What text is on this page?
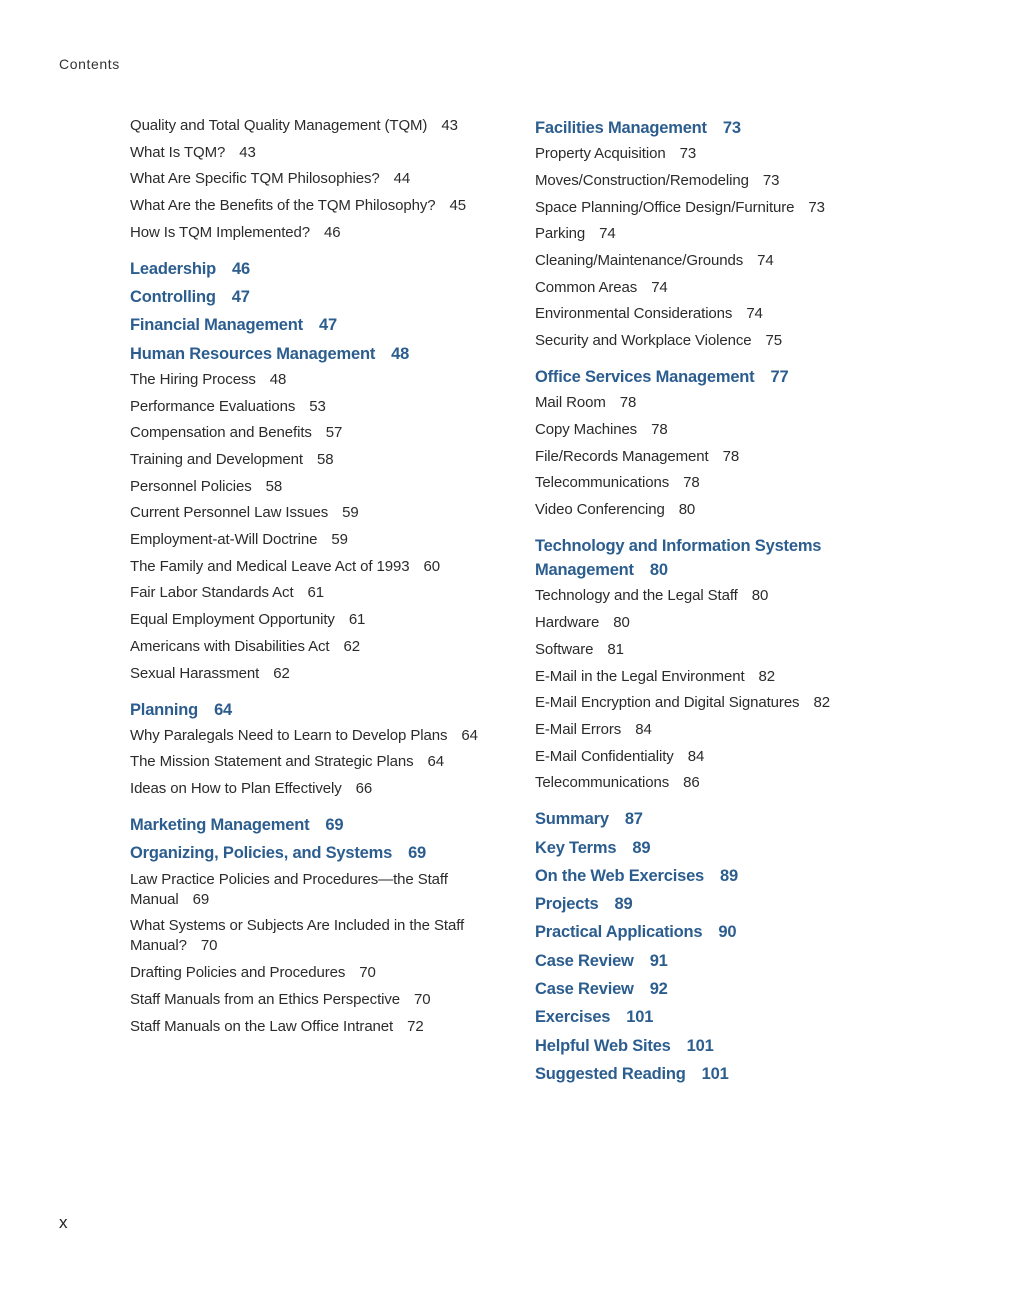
Contents
Quality and Total Quality Management (TQM) 43
What Is TQM? 43
What Are Specific TQM Philosophies? 44
What Are the Benefits of the TQM Philosophy? 45
How Is TQM Implemented? 46
Leadership 46
Controlling 47
Financial Management 47
Human Resources Management 48
The Hiring Process 48
Performance Evaluations 53
Compensation and Benefits 57
Training and Development 58
Personnel Policies 58
Current Personnel Law Issues 59
Employment-at-Will Doctrine 59
The Family and Medical Leave Act of 1993 60
Fair Labor Standards Act 61
Equal Employment Opportunity 61
Americans with Disabilities Act 62
Sexual Harassment 62
Planning 64
Why Paralegals Need to Learn to Develop Plans 64
The Mission Statement and Strategic Plans 64
Ideas on How to Plan Effectively 66
Marketing Management 69
Organizing, Policies, and Systems 69
Law Practice Policies and Procedures—the Staff Manual 69
What Systems or Subjects Are Included in the Staff Manual? 70
Drafting Policies and Procedures 70
Staff Manuals from an Ethics Perspective 70
Staff Manuals on the Law Office Intranet 72
Facilities Management 73
Property Acquisition 73
Moves/Construction/Remodeling 73
Space Planning/Office Design/Furniture 73
Parking 74
Cleaning/Maintenance/Grounds 74
Common Areas 74
Environmental Considerations 74
Security and Workplace Violence 75
Office Services Management 77
Mail Room 78
Copy Machines 78
File/Records Management 78
Telecommunications 78
Video Conferencing 80
Technology and Information Systems Management 80
Technology and the Legal Staff 80
Hardware 80
Software 81
E-Mail in the Legal Environment 82
E-Mail Encryption and Digital Signatures 82
E-Mail Errors 84
E-Mail Confidentiality 84
Telecommunications 86
Summary 87
Key Terms 89
On the Web Exercises 89
Projects 89
Practical Applications 90
Case Review 91
Case Review 92
Exercises 101
Helpful Web Sites 101
Suggested Reading 101
x
